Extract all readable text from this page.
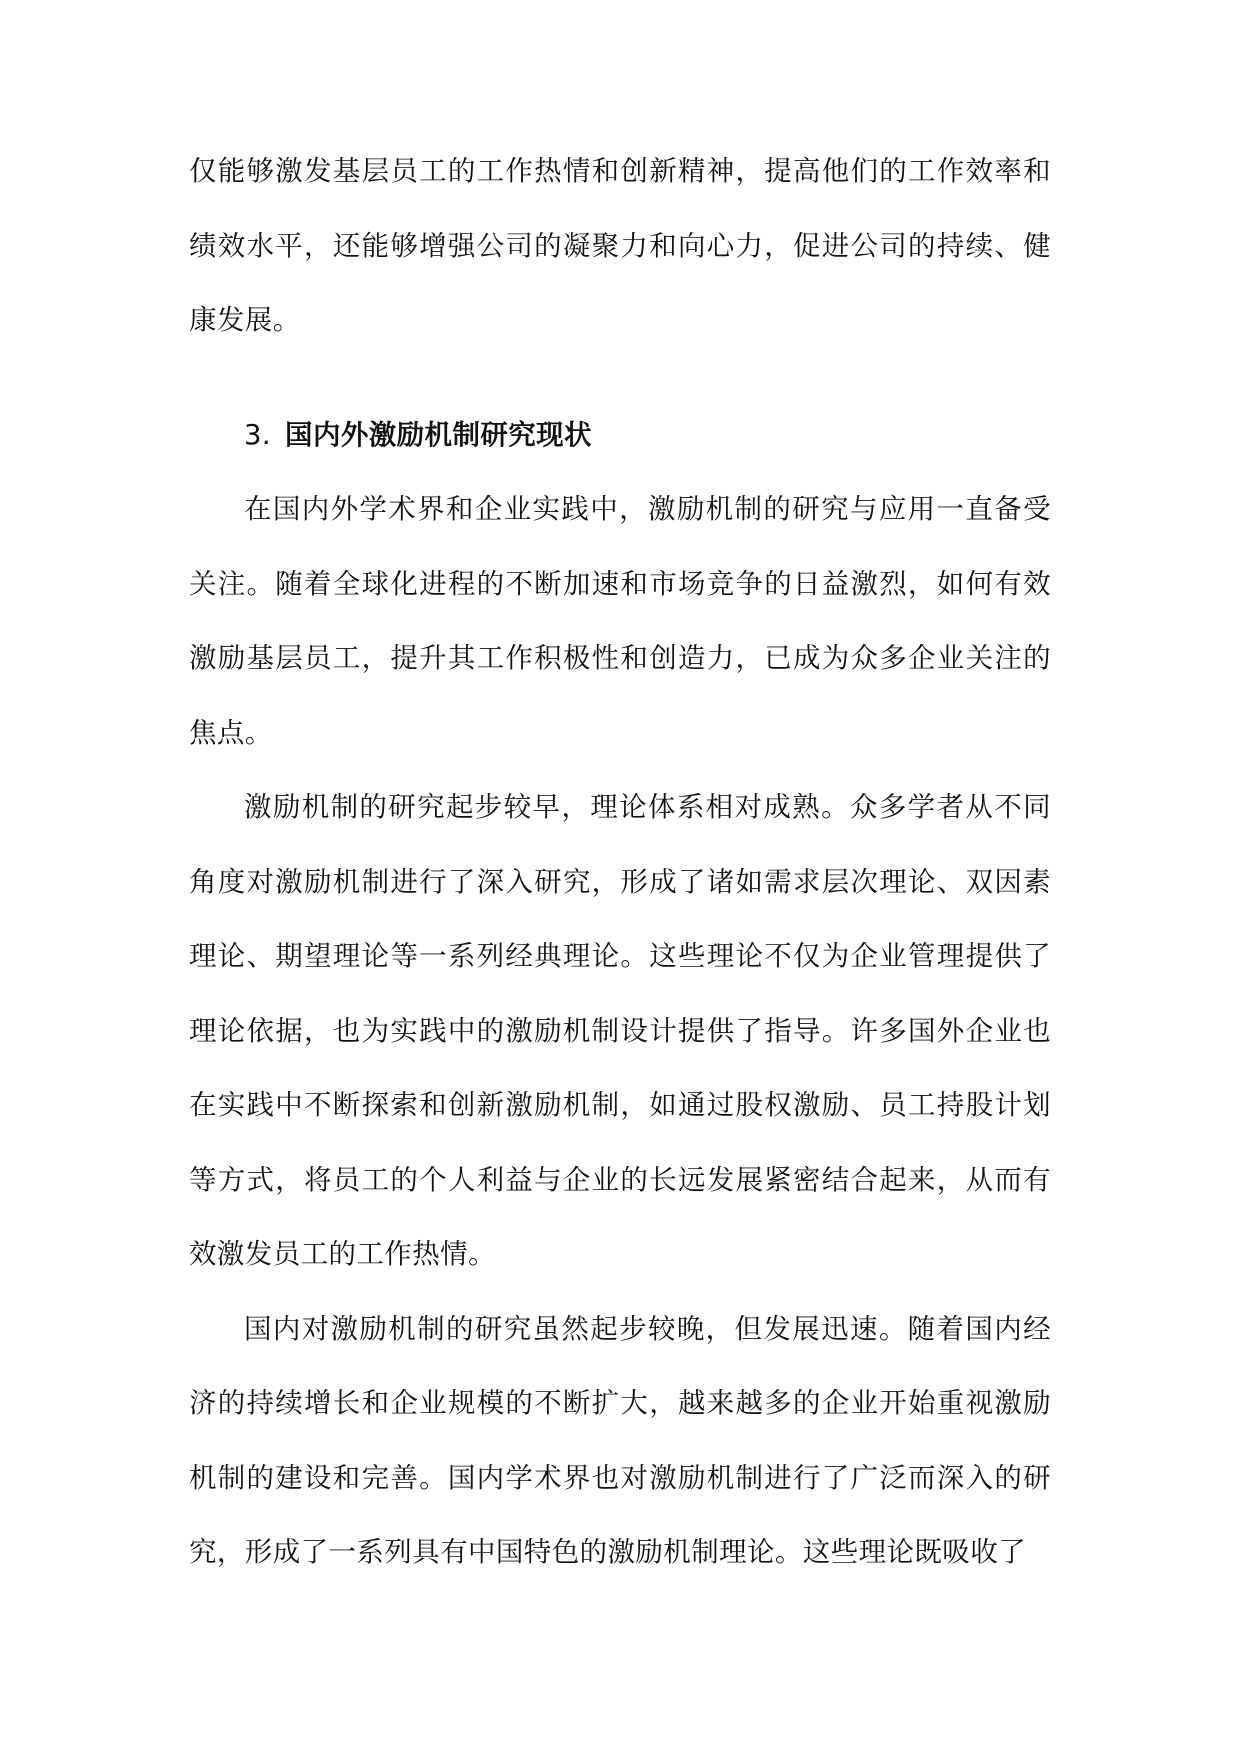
仅能够激发基层员工的工作热情和创新精神，提高他们的工作效率和绩效水平，还能够增强公司的凝聚力和向心力，促进公司的持续、健康发展。

3. 国内外激励机制研究现状

在国内外学术界和企业实践中，激励机制的研究与应用一直备受关注。随着全球化进程的不断加速和市场竞争的日益激烈，如何有效激励基层员工，提升其工作积极性和创造力，已成为众多企业关注的焦点。

激励机制的研究起步较早，理论体系相对成熟。众多学者从不同角度对激励机制进行了深入研究，形成了诸如需求层次理论、双因素理论、期望理论等一系列经典理论。这些理论不仅为企业管理提供了理论依据，也为实践中的激励机制设计提供了指导。许多国外企业也在实践中不断探索和创新激励机制，如通过股权激励、员工持股计划等方式，将员工的个人利益与企业的长远发展紧密结合起来，从而有效激发员工的工作热情。

国内对激励机制的研究虽然起步较晚，但发展迅速。随着国内经济的持续增长和企业规模的不断扩大，越来越多的企业开始重视激励机制的建设和完善。国内学术界也对激励机制进行了广泛而深入的研究，形成了一系列具有中国特色的激励机制理论。这些理论既吸收了
